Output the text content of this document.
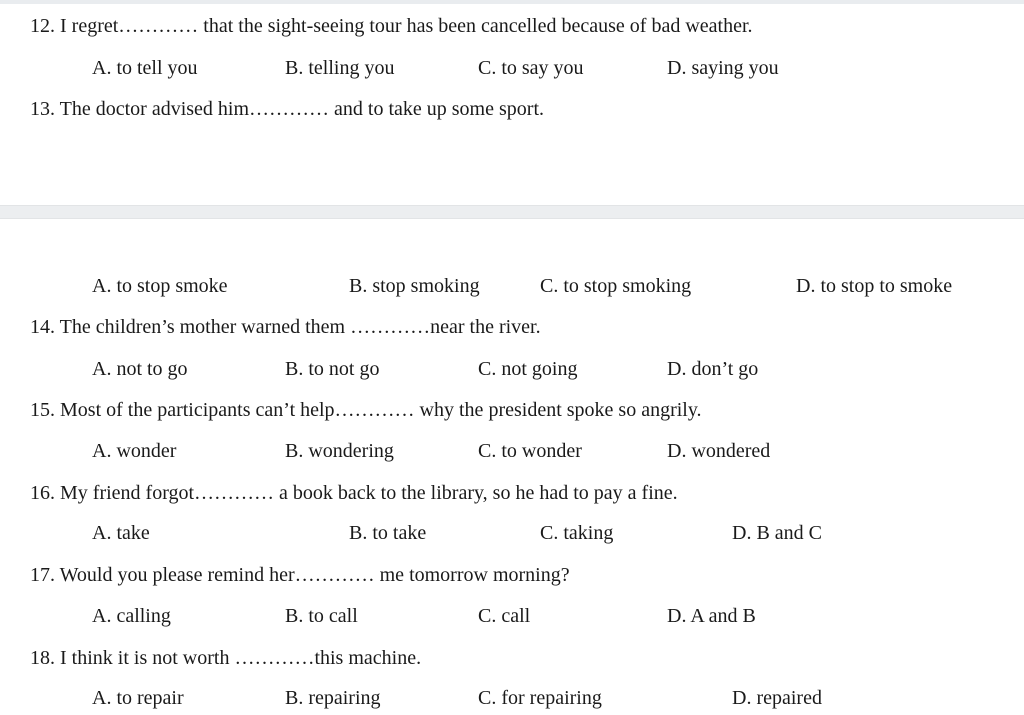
12. I regret………… that the sight-seeing tour has been cancelled because of bad weather.
A. to tell you	B. telling you	C. to say you	D. saying you
13. The doctor advised him………… and to take up some sport.
A. to stop smoke	B. stop smoking	C. to stop smoking	D. to stop to smoke
14. The children’s mother warned them …………near the river.
A. not to go	B. to not go	C. not going	D. don’t go
15. Most of the participants can’t help………… why the president spoke so angrily.
A. wonder	B. wondering	C. to wonder	D. wondered
16. My friend forgot………… a book back to the library, so he had to pay a fine.
A. take	B. to take	C. taking	D. B and C
17. Would you please remind her………… me tomorrow morning?
A. calling	B. to call	C. call	D. A and B
18. I think it is not worth …………this machine.
A. to repair	B. repairing	C. for repairing	D. repaired
